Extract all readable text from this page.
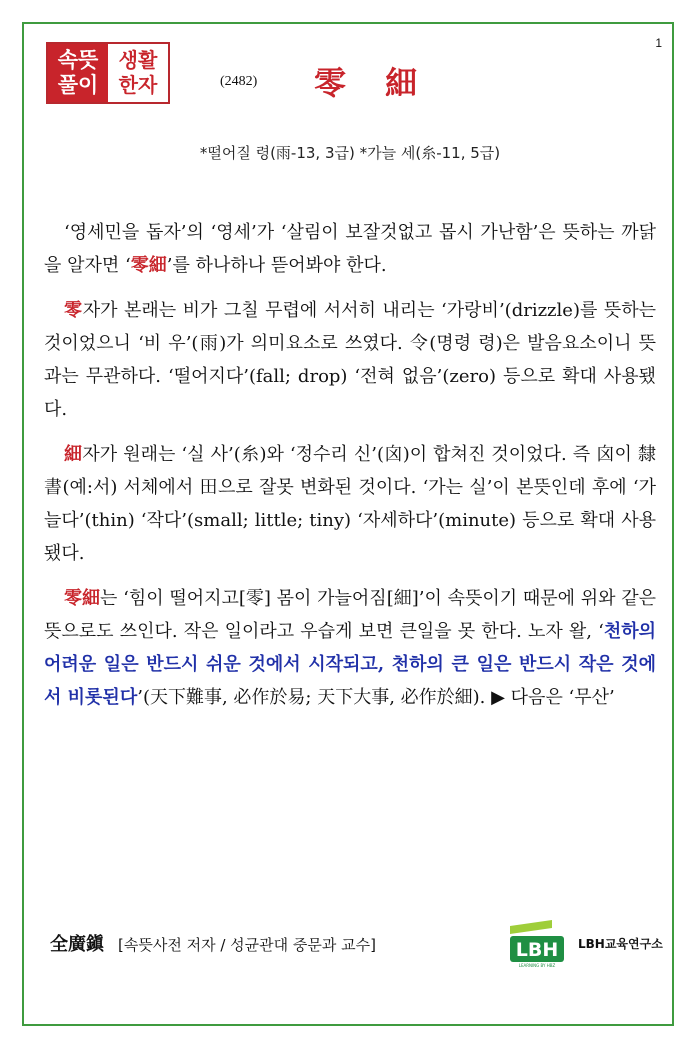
1
속뜻
풀이
생활
한자	(2482) 零 細
*떨어질 령(雨-13, 3급) *가늘 세(糸-11, 5급)

‘영세민을 돕자’의 ‘영세’가 ‘살림이 보잘것없고 몹시 가난함’은 뜻하는 까닭을 알자면 ‘零細’를 하나하나 뜯어봐야 한다.

零자가 본래는 비가 그칠 무렵에 서서히 내리는 ‘가랑비’(drizzle)를 뜻하는 것이었으니 ‘비 우’(雨)가 의미요소로 쓰였다. 令(명령 령)은 발음요소이니 뜻과는 무관하다. ‘떨어지다’(fall; drop) ‘전혀 없음’(zero) 등으로 확대 사용됐다.

細자가 원래는 ‘실 사’(糸)와 ‘정수리 신’(囟)이 합쳐진 것이었다. 즉 囟이 隸書(예:서) 서체에서 田으로 잘못 변화된 것이다. ‘가는 실’이 본뜻인데 후에 ‘가늘다’(thin) ‘작다’(small; little; tiny) ‘자세하다’(minute) 등으로 확대 사용됐다.

零細는 ‘힘이 떨어지고[零] 몸이 가늘어짐[細]’이 속뜻이기 때문에 위와 같은 뜻으로도 쓰인다. 작은 일이라고 우습게 보면 큰일을 못 한다. 노자 왈, ‘천하의 어려운 일은 반드시 쉬운 것에서 시작되고, 천하의 큰 일은 반드시 작은 것에서 비롯된다’(天下難事, 必作於易; 天下大事, 必作於細). ▶ 다음은 ‘무산’

全廣鎭 [속뜻사전 저자 / 성균관대 중문과 교수]	LBH
LEARNING BY HBZ
LBH교육연구소
